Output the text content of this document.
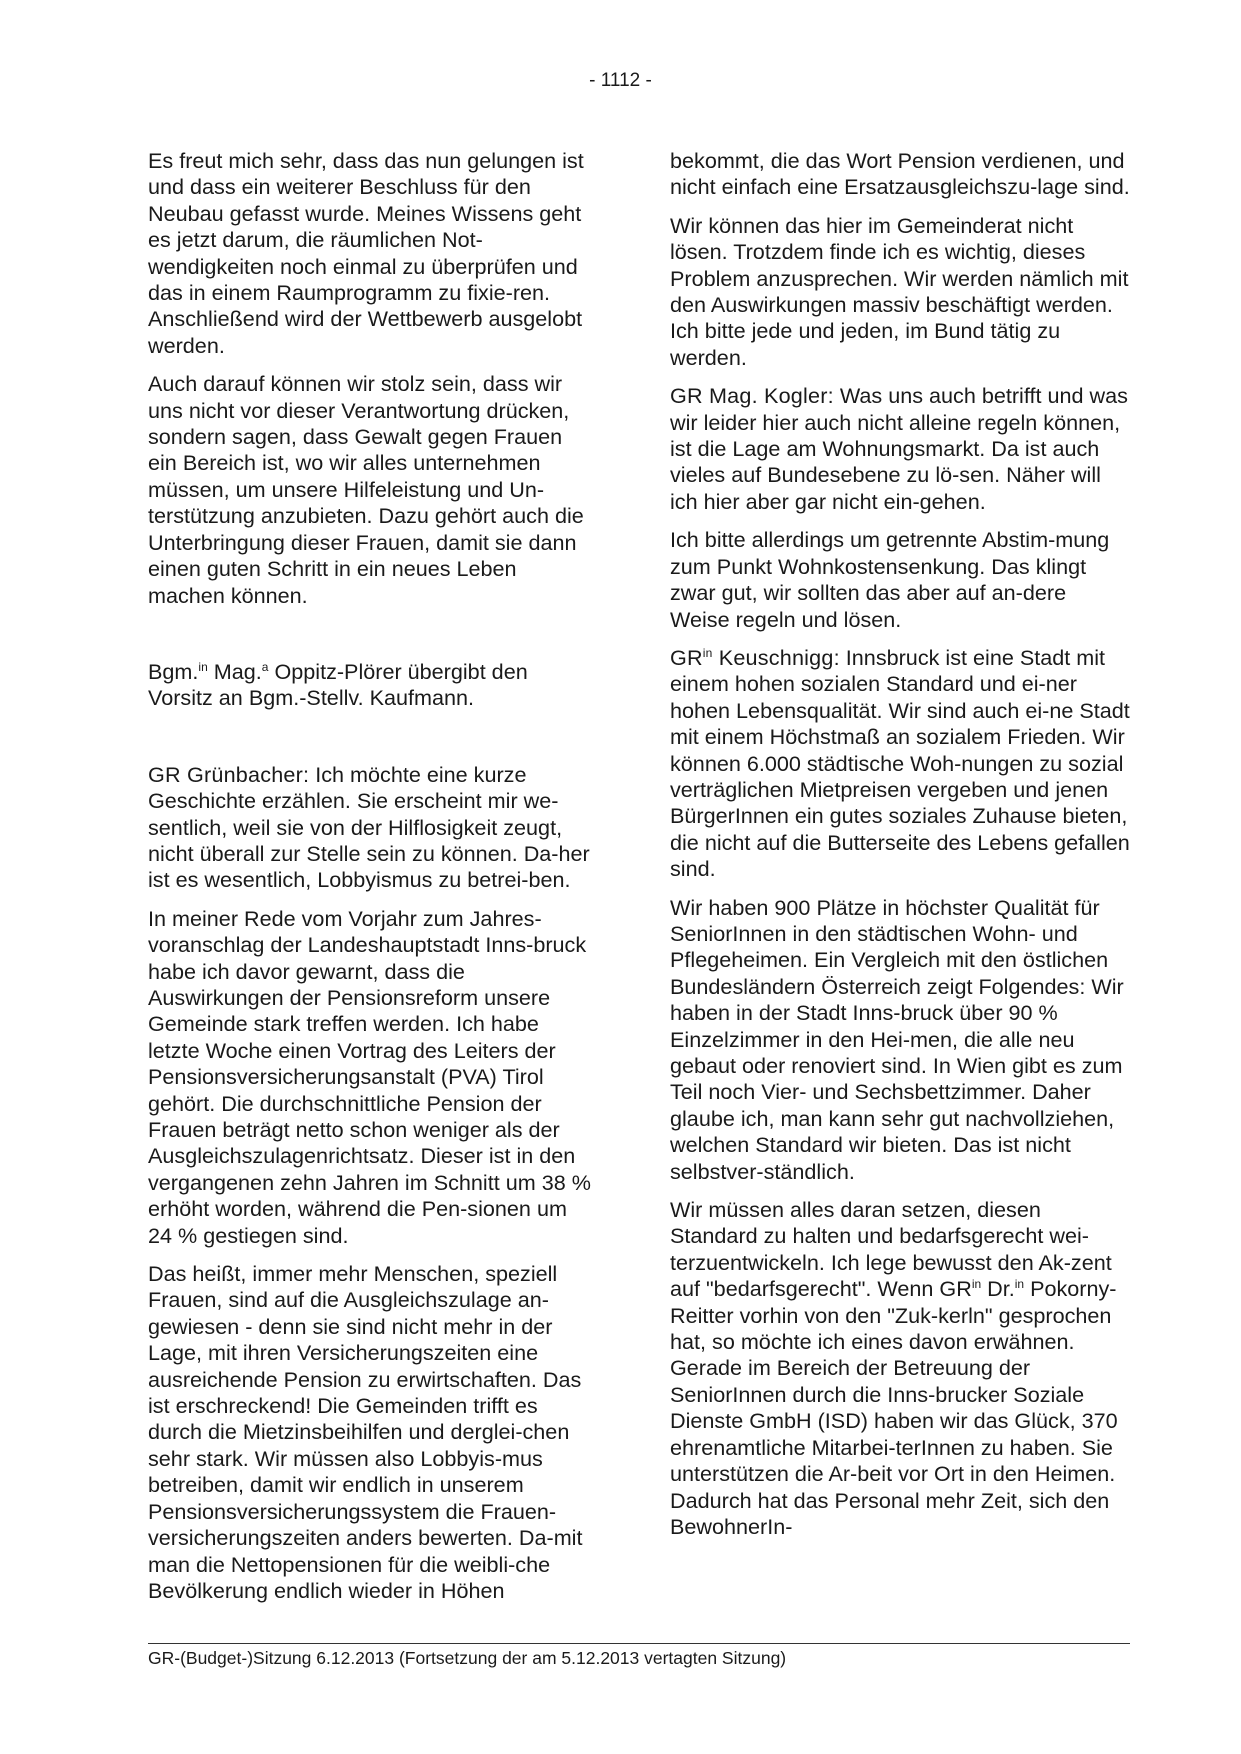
- 1112 -

Es freut mich sehr, dass das nun gelungen ist und dass ein weiterer Beschluss für den Neubau gefasst wurde. Meines Wissens geht es jetzt darum, die räumlichen Not-wendigkeiten noch einmal zu überprüfen und das in einem Raumprogramm zu fixie-ren. Anschließend wird der Wettbewerb ausgelobt werden.

Auch darauf können wir stolz sein, dass wir uns nicht vor dieser Verantwortung drücken, sondern sagen, dass Gewalt gegen Frauen ein Bereich ist, wo wir alles unternehmen müssen, um unsere Hilfeleistung und Un-terstützung anzubieten. Dazu gehört auch die Unterbringung dieser Frauen, damit sie dann einen guten Schritt in ein neues Leben machen können.

Bgm.$^{in}$ Mag.$^a$ Oppitz-Plörer übergibt den Vorsitz an Bgm.-Stellv. Kaufmann.

GR Grünbacher: Ich möchte eine kurze Geschichte erzählen. Sie erscheint mir we-sentlich, weil sie von der Hilflosigkeit zeugt, nicht überall zur Stelle sein zu können. Da-her ist es wesentlich, Lobbyismus zu betrei-ben.

In meiner Rede vom Vorjahr zum Jahres-voranschlag der Landeshauptstadt Inns-bruck habe ich davor gewarnt, dass die Auswirkungen der Pensionsreform unsere Gemeinde stark treffen werden. Ich habe letzte Woche einen Vortrag des Leiters der Pensionsversicherungsanstalt (PVA) Tirol gehört. Die durchschnittliche Pension der Frauen beträgt netto schon weniger als der Ausgleichszulagenrichtsatz. Dieser ist in den vergangenen zehn Jahren im Schnitt um 38 % erhöht worden, während die Pen-sionen um 24 % gestiegen sind.

Das heißt, immer mehr Menschen, speziell Frauen, sind auf die Ausgleichszulage an-gewiesen - denn sie sind nicht mehr in der Lage, mit ihren Versicherungszeiten eine ausreichende Pension zu erwirtschaften. Das ist erschreckend! Die Gemeinden trifft es durch die Mietzinsbeihilfen und derglei-chen sehr stark. Wir müssen also Lobbyis-mus betreiben, damit wir endlich in unserem Pensionsversicherungssystem die Frauen-versicherungszeiten anders bewerten. Da-mit man die Nettopensionen für die weibli-che Bevölkerung endlich wieder in Höhen

bekommt, die das Wort Pension verdienen, und nicht einfach eine Ersatzausgleichszu-lage sind.

Wir können das hier im Gemeinderat nicht lösen. Trotzdem finde ich es wichtig, dieses Problem anzusprechen. Wir werden nämlich mit den Auswirkungen massiv beschäftigt werden. Ich bitte jede und jeden, im Bund tätig zu werden.

GR Mag. Kogler: Was uns auch betrifft und was wir leider hier auch nicht alleine regeln können, ist die Lage am Wohnungsmarkt. Da ist auch vieles auf Bundesebene zu lö-sen. Näher will ich hier aber gar nicht ein-gehen.

Ich bitte allerdings um getrennte Abstim-mung zum Punkt Wohnkostensenkung. Das klingt zwar gut, wir sollten das aber auf an-dere Weise regeln und lösen.

$GR^{in}$ Keuschnigg: Innsbruck ist eine Stadt mit einem hohen sozialen Standard und ei-ner hohen Lebensqualität. Wir sind auch ei-ne Stadt mit einem Höchstmaß an sozialem Frieden. Wir können 6.000 städtische Woh-nungen zu sozial verträglichen Mietpreisen vergeben und jenen BürgerInnen ein gutes soziales Zuhause bieten, die nicht auf die Butterseite des Lebens gefallen sind.

Wir haben 900 Plätze in höchster Qualität für SeniorInnen in den städtischen Wohn- und Pflegeheimen. Ein Vergleich mit den östlichen Bundesländern Österreich zeigt Folgendes: Wir haben in der Stadt Inns-bruck über 90 % Einzelzimmer in den Hei-men, die alle neu gebaut oder renoviert sind. In Wien gibt es zum Teil noch Vier- und Sechsbettzimmer. Daher glaube ich, man kann sehr gut nachvollziehen, welchen Standard wir bieten. Das ist nicht selbstver-ständlich.

Wir müssen alles daran setzen, diesen Standard zu halten und bedarfsgerecht wei-terzuentwickeln. Ich lege bewusst den Ak-zent auf "bedarfsgerecht". Wenn $GR^{in}$ Dr.$^{in}$ Pokorny-Reitter vorhin von den "Zuk-kerln" gesprochen hat, so möchte ich eines davon erwähnen. Gerade im Bereich der Betreuung der SeniorInnen durch die Inns-brucker Soziale Dienste GmbH (ISD) haben wir das Glück, 370 ehrenamtliche Mitarbei-terInnen zu haben. Sie unterstützen die Ar-beit vor Ort in den Heimen. Dadurch hat das Personal mehr Zeit, sich den BewohnerIn-

GR-(Budget-)Sitzung 6.12.2013 (Fortsetzung der am 5.12.2013 vertagten Sitzung)
